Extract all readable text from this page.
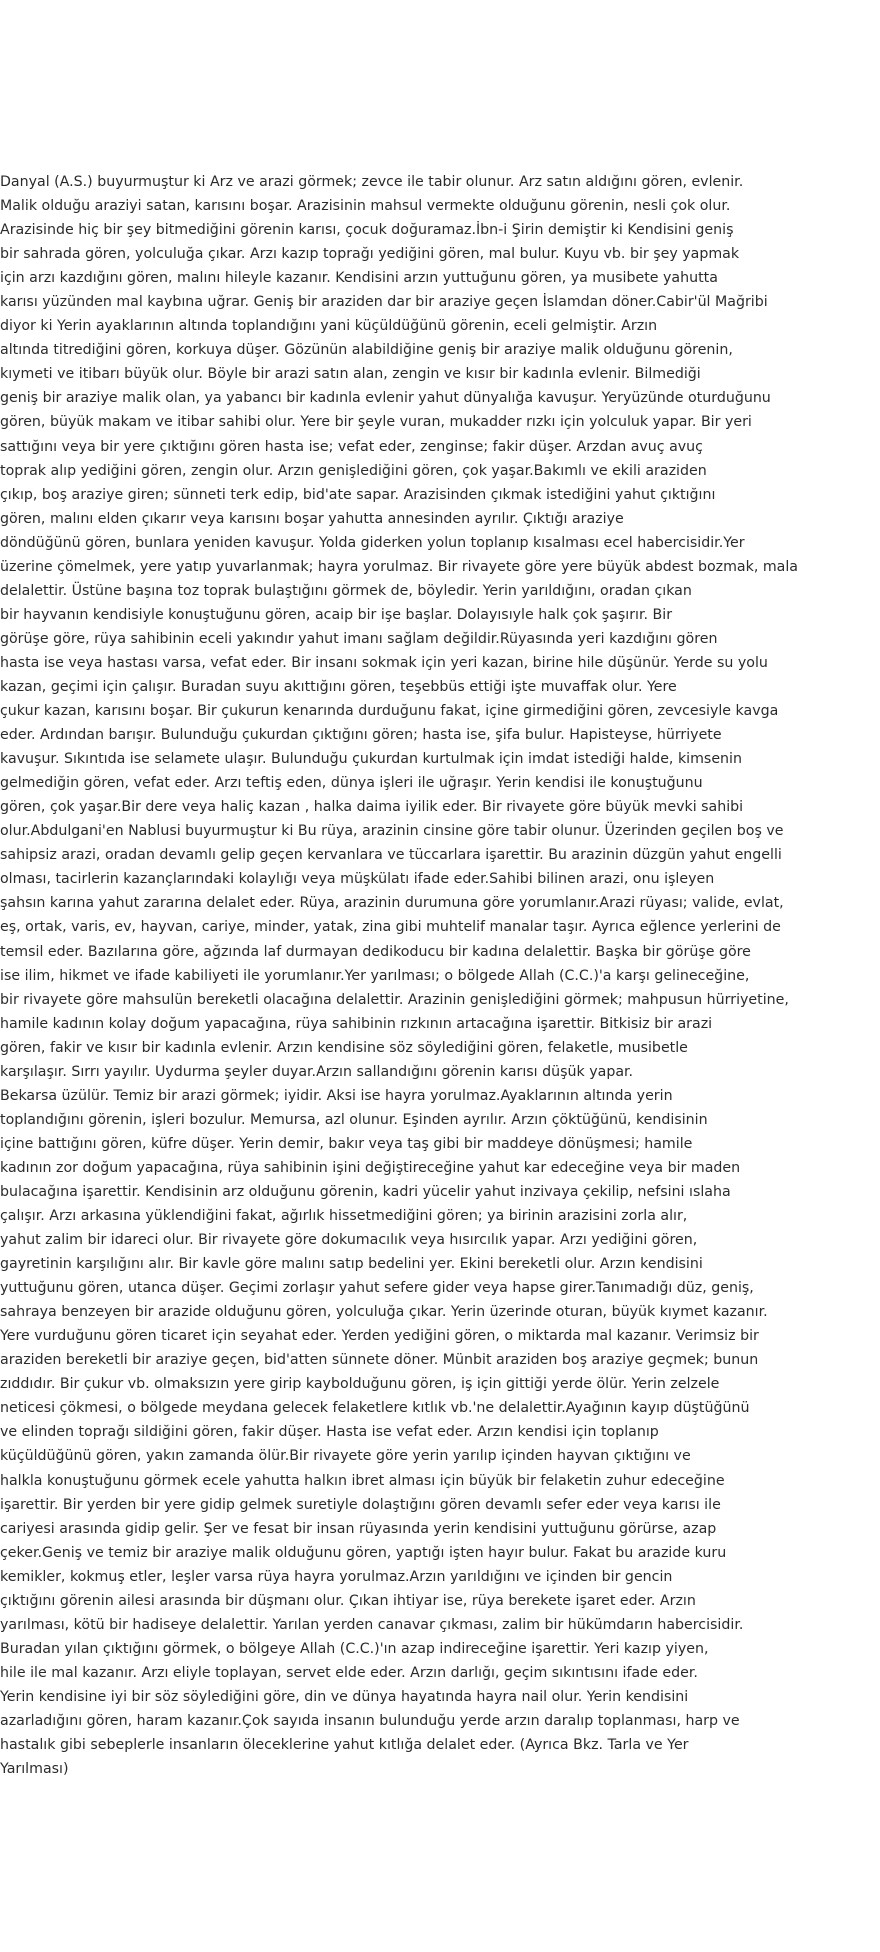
Danyal (A.S.) buyurmuştur ki Arz ve arazi görmek; zevce ile tabir olunur. Arz satın aldığını gören, evlenir.
Malik olduğu araziyi satan, karısını boşar. Arazisinin mahsul vermekte olduğunu görenin, nesli çok olur.
Arazisinde hiç bir şey bitmediğini görenin karısı, çocuk doğuramaz.İbn-i Şirin demiştir ki Kendisini geniş
bir sahrada gören, yolculuğa çıkar. Arzı kazıp toprağı yediğini gören, mal bulur. Kuyu vb. bir şey yapmak
için arzı kazdığını gören, malını hileyle kazanır. Kendisini arzın yuttuğunu gören, ya musibete yahutta
karısı yüzünden mal kaybına uğrar. Geniş bir araziden dar bir araziye geçen İslamdan döner.Cabir'ül Mağribi
diyor ki Yerin ayaklarının altında toplandığını yani küçüldüğünü görenin, eceli gelmiştir. Arzın
altında titrediğini gören, korkuya düşer. Gözünün alabildiğine geniş bir araziye malik olduğunu görenin,
kıymeti ve itibarı büyük olur. Böyle bir arazi satın alan, zengin ve kısır bir kadınla evlenir. Bilmediği
geniş bir araziye malik olan, ya yabancı bir kadınla evlenir yahut dünyalığa kavuşur. Yeryüzünde oturduğunu
gören, büyük makam ve itibar sahibi olur. Yere bir şeyle vuran, mukadder rızkı için yolculuk yapar. Bir yeri
sattığını veya bir yere çıktığını gören hasta ise; vefat eder, zenginse; fakir düşer. Arzdan avuç avuç
toprak alıp yediğini gören, zengin olur. Arzın genişlediğini gören, çok yaşar.Bakımlı ve ekili araziden
çıkıp, boş araziye giren; sünneti terk edip, bid'ate sapar. Arazisinden çıkmak istediğini yahut çıktığını
gören, malını elden çıkarır veya karısını boşar yahutta annesinden ayrılır. Çıktığı araziye
döndüğünü gören, bunlara yeniden kavuşur. Yolda giderken yolun toplanıp kısalması ecel habercisidir.Yer
üzerine çömelmek, yere yatıp yuvarlanmak; hayra yorulmaz. Bir rivayete göre yere büyük abdest bozmak, mala
delalettir. Üstüne başına toz toprak bulaştığını görmek de, böyledir. Yerin yarıldığını, oradan çıkan
bir hayvanın kendisiyle konuştuğunu gören, acaip bir işe başlar. Dolayısıyle halk çok şaşırır. Bir
görüşe göre, rüya sahibinin eceli yakındır yahut imanı sağlam değildir.Rüyasında yeri kazdığını gören
hasta ise veya hastası varsa, vefat eder. Bir insanı sokmak için yeri kazan, birine hile düşünür. Yerde su yolu
kazan, geçimi için çalışır. Buradan suyu akıttığını gören, teşebbüs ettiği işte muvaffak olur. Yere
çukur kazan, karısını boşar. Bir çukurun kenarında durduğunu fakat, içine girmediğini gören, zevcesiyle kavga
eder. Ardından barışır. Bulunduğu çukurdan çıktığını gören; hasta ise, şifa bulur. Hapisteyse, hürriyete
kavuşur. Sıkıntıda ise selamete ulaşır. Bulunduğu çukurdan kurtulmak için imdat istediği halde, kimsenin
gelmediğin gören, vefat eder. Arzı teftiş eden, dünya işleri ile uğraşır. Yerin kendisi ile konuştuğunu
gören, çok yaşar.Bir dere veya haliç kazan , halka daima iyilik eder. Bir rivayete göre büyük mevki sahibi
olur.Abdulgani'en Nablusi buyurmuştur ki Bu rüya, arazinin cinsine göre tabir olunur. Üzerinden geçilen boş ve
sahipsiz arazi, oradan devamlı gelip geçen kervanlara ve tüccarlara işarettir. Bu arazinin düzgün yahut engelli
olması, tacirlerin kazançlarındaki kolaylığı veya müşkülatı ifade eder.Sahibi bilinen arazi, onu işleyen
şahsın karına yahut zararına delalet eder. Rüya, arazinin durumuna göre yorumlanır.Arazi rüyası; valide, evlat,
eş, ortak, varis, ev, hayvan, cariye, minder, yatak, zina gibi muhtelif manalar taşır. Ayrıca eğlence yerlerini de
temsil eder. Bazılarına göre, ağzında laf durmayan dedikoducu bir kadına delalettir. Başka bir görüşe göre
ise ilim, hikmet ve ifade kabiliyeti ile yorumlanır.Yer yarılması; o bölgede Allah (C.C.)'a karşı gelineceğine,
bir rivayete göre mahsulün bereketli olacağına delalettir. Arazinin genişlediğini görmek; mahpusun hürriyetine,
hamile kadının kolay doğum yapacağına, rüya sahibinin rızkının artacağına işarettir. Bitkisiz bir arazi
gören, fakir ve kısır bir kadınla evlenir. Arzın kendisine söz söylediğini gören, felaketle, musibetle
karşılaşır. Sırrı yayılır. Uydurma şeyler duyar.Arzın sallandığını görenin karısı düşük yapar.
Bekarsa üzülür. Temiz bir arazi görmek; iyidir. Aksi ise hayra yorulmaz.Ayaklarının altında yerin
toplandığını görenin, işleri bozulur. Memursa, azl olunur. Eşinden ayrılır. Arzın çöktüğünü, kendisinin
içine battığını gören, küfre düşer. Yerin demir, bakır veya taş gibi bir maddeye dönüşmesi; hamile
kadının zor doğum yapacağına, rüya sahibinin işini değiştireceğine yahut kar edeceğine veya bir maden
bulacağına işarettir. Kendisinin arz olduğunu görenin, kadri yücelir yahut inzivaya çekilip, nefsini ıslaha
çalışır. Arzı arkasına yüklendiğini fakat, ağırlık hissetmediğini gören; ya birinin arazisini zorla alır,
yahut zalim bir idareci olur. Bir rivayete göre dokumacılık veya hısırcılık yapar. Arzı yediğini gören,
gayretinin karşılığını alır. Bir kavle göre malını satıp bedelini yer. Ekini bereketli olur. Arzın kendisini
yuttuğunu gören, utanca düşer. Geçimi zorlaşır yahut sefere gider veya hapse girer.Tanımadığı düz, geniş,
sahraya benzeyen bir arazide olduğunu gören, yolculuğa çıkar. Yerin üzerinde oturan, büyük kıymet kazanır.
Yere vurduğunu gören ticaret için seyahat eder. Yerden yediğini gören, o miktarda mal kazanır. Verimsiz bir
araziden bereketli bir araziye geçen, bid'atten sünnete döner. Münbit araziden boş araziye geçmek; bunun
zıddıdır. Bir çukur vb. olmaksızın yere girip kaybolduğunu gören, iş için gittiği yerde ölür. Yerin zelzele
neticesi çökmesi, o bölgede meydana gelecek felaketlere kıtlık vb.'ne delalettir.Ayağının kayıp düştüğünü
ve elinden toprağı sildiğini gören, fakir düşer. Hasta ise vefat eder. Arzın kendisi için toplanıp
küçüldüğünü gören, yakın zamanda ölür.Bir rivayete göre yerin yarılıp içinden hayvan çıktığını ve
halkla konuştuğunu görmek ecele yahutta halkın ibret alması için büyük bir felaketin zuhur edeceğine
işarettir. Bir yerden bir yere gidip gelmek suretiyle dolaştığını gören devamlı sefer eder veya karısı ile
cariyesi arasında gidip gelir. Şer ve fesat bir insan rüyasında yerin kendisini yuttuğunu görürse, azap
çeker.Geniş ve temiz bir araziye malik olduğunu gören, yaptığı işten hayır bulur. Fakat bu arazide kuru
kemikler, kokmuş etler, leşler varsa rüya hayra yorulmaz.Arzın yarıldığını ve içinden bir gencin
çıktığını görenin ailesi arasında bir düşmanı olur. Çıkan ihtiyar ise, rüya berekete işaret eder. Arzın
yarılması, kötü bir hadiseye delalettir. Yarılan yerden canavar çıkması, zalim bir hükümdarın habercisidir.
Buradan yılan çıktığını görmek, o bölgeye Allah (C.C.)'ın azap indireceğine işarettir. Yeri kazıp yiyen,
hile ile mal kazanır. Arzı eliyle toplayan, servet elde eder. Arzın darlığı, geçim sıkıntısını ifade eder.
Yerin kendisine iyi bir söz söylediğini göre, din ve dünya hayatında hayra nail olur. Yerin kendisini
azarladığını gören, haram kazanır.Çok sayıda insanın bulunduğu yerde arzın daralıp toplanması, harp ve
hastalık gibi sebeplerle insanların öleceklerine yahut kıtlığa delalet eder. (Ayrıca Bkz. Tarla ve Yer
Yarılması)
